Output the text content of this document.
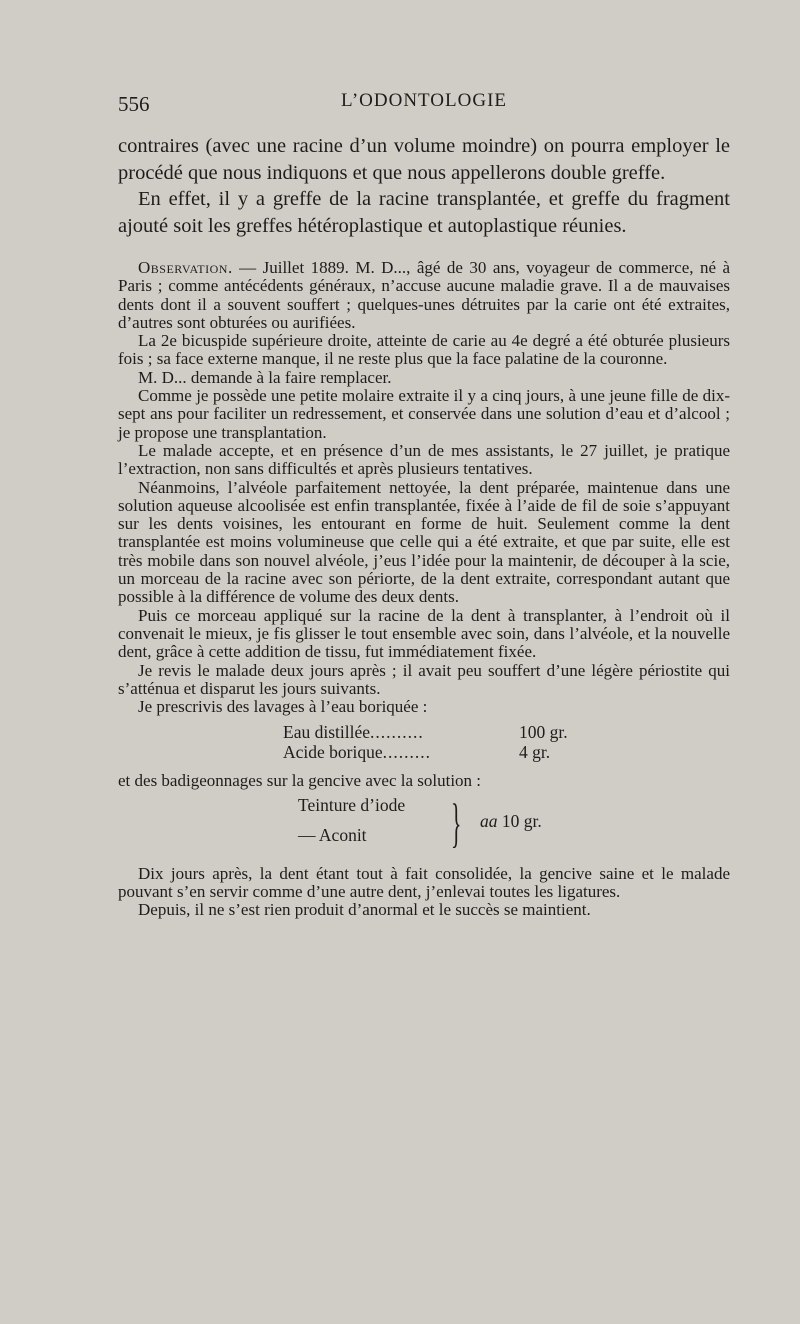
556	L’ODONTOLOGIE

contraires (avec une racine d’un volume moindre) on pourra employer le procédé que nous indiquons et que nous appellerons double greffe.

En effet, il y a greffe de la racine transplantée, et greffe du fragment ajouté soit les greffes hétéroplastique et autoplastique réunies.

Observation. — Juillet 1889. M. D..., âgé de 30 ans, voyageur de commerce, né à Paris ; comme antécédents généraux, n’accuse aucune maladie grave. Il a de mauvaises dents dont il a souvent souffert ; quelques-unes détruites par la carie ont été extraites, d’autres sont obturées ou aurifiées.

La 2e bicuspide supérieure droite, atteinte de carie au 4e degré a été obturée plusieurs fois ; sa face externe manque, il ne reste plus que la face palatine de la couronne.

M. D... demande à la faire remplacer.

Comme je possède une petite molaire extraite il y a cinq jours, à une jeune fille de dix-sept ans pour faciliter un redressement, et conservée dans une solution d’eau et d’alcool ; je propose une transplantation.

Le malade accepte, et en présence d’un de mes assistants, le 27 juillet, je pratique l’extraction, non sans difficultés et après plusieurs tentatives.

Néanmoins, l’alvéole parfaitement nettoyée, la dent préparée, maintenue dans une solution aqueuse alcoolisée est enfin transplantée, fixée à l’aide de fil de soie s’appuyant sur les dents voisines, les entourant en forme de huit. Seulement comme la dent transplantée est moins volumineuse que celle qui a été extraite, et que par suite, elle est très mobile dans son nouvel alvéole, j’eus l’idée pour la maintenir, de découper à la scie, un morceau de la racine avec son périorte, de la dent extraite, correspondant autant que possible à la différence de volume des deux dents.

Puis ce morceau appliqué sur la racine de la dent à transplanter, à l’endroit où il convenait le mieux, je fis glisser le tout ensemble avec soin, dans l’alvéole, et la nouvelle dent, grâce à cette addition de tissu, fut immédiatement fixée.

Je revis le malade deux jours après ; il avait peu souffert d’une légère périostite qui s’atténua et disparut les jours suivants.

Je prescrivis des lavages à l’eau boriquée :

Eau distillée..........	100 gr.
Acide borique.........	4 gr.

et des badigeonnages sur la gencive avec la solution :

Teinture d’iode
— Aconit } aa 10 gr.

Dix jours après, la dent étant tout à fait consolidée, la gencive saine et le malade pouvant s’en servir comme d’une autre dent, j’enlevai toutes les ligatures.

Depuis, il ne s’est rien produit d’anormal et le succès se maintient.
